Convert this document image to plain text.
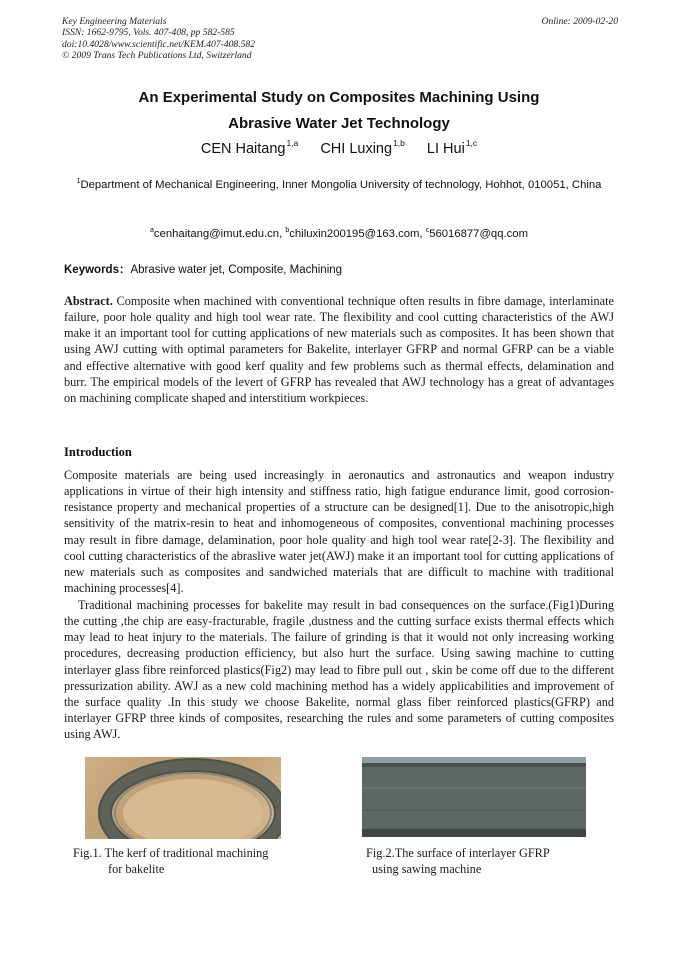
Key Engineering Materials
ISSN: 1662-9795, Vols. 407-408, pp 582-585
doi:10.4028/www.scientific.net/KEM.407-408.582
© 2009 Trans Tech Publications Ltd, Switzerland
Online: 2009-02-20
An Experimental Study on Composites Machining Using
Abrasive Water Jet Technology
CEN Haitang$^{1,a}$ CHI Luxing$^{1,b}$ LI Hui$^{1,c}$
$^1$Department of Mechanical Engineering, Inner Mongolia University of technology, Hohhot, 010051, China
$^a$cenhaitang@imut.edu.cn, $^b$chiluxin200195@163.com, $^c$56016877@qq.com
Keywords：Abrasive water jet, Composite, Machining
Abstract. Composite when machined with conventional technique often results in fibre damage, interlaminate failure, poor hole quality and high tool wear rate. The flexibility and cool cutting characteristics of the AWJ make it an important tool for cutting applications of new materials such as composites. It has been shown that using AWJ cutting with optimal parameters for Bakelite, interlayer GFRP and normal GFRP can be a viable and effective alternative with good kerf quality and few problems such as thermal effects, delamination and burr. The empirical models of the levert of GFRP has revealed that AWJ technology has a great of advantages on machining complicate shaped and interstitium workpieces.
Introduction
Composite materials are being used increasingly in aeronautics and astronautics and weapon industry applications in virtue of their high intensity and stiffness ratio, high fatigue endurance limit, good corrosion-resistance property and mechanical properties of a structure can be designed[1]. Due to the anisotropic,high sensitivity of the matrix-resin to heat and inhomogeneous of composites, conventional machining processes may result in fibre damage, delamination, poor hole quality and high tool wear rate[2-3]. The flexibility and cool cutting characteristics of the abraslive water jet(AWJ) make it an important tool for cutting applications of new materials such as composites and sandwiched materials that are difficult to machine with traditional machining processes[4].
Traditional machining processes for bakelite may result in bad consequences on the surface.(Fig1)During the cutting ,the chip are easy-fracturable, fragile ,dustness and the cutting surface exists thermal effects which may lead to heat injury to the materials. The failure of grinding is that it would not only increasing working procedures, decreasing production efficiency, but also hurt the surface. Using sawing machine to cutting interlayer glass fibre reinforced plastics(Fig2) may lead to fibre pull out , skin be come off due to the different pressurization ability. AWJ as a new cold machining method has a widely applicabilities and improvement of the surface quality .In this study we choose Bakelite, normal glass fiber reinforced plastics(GFRP) and interlayer GFRP three kinds of composites, researching the rules and some parameters of cutting composites using AWJ.
Fig.1. The kerf of traditional machining
for bakelite
Fig.2.The surface of interlayer GFRP
using sawing machine
